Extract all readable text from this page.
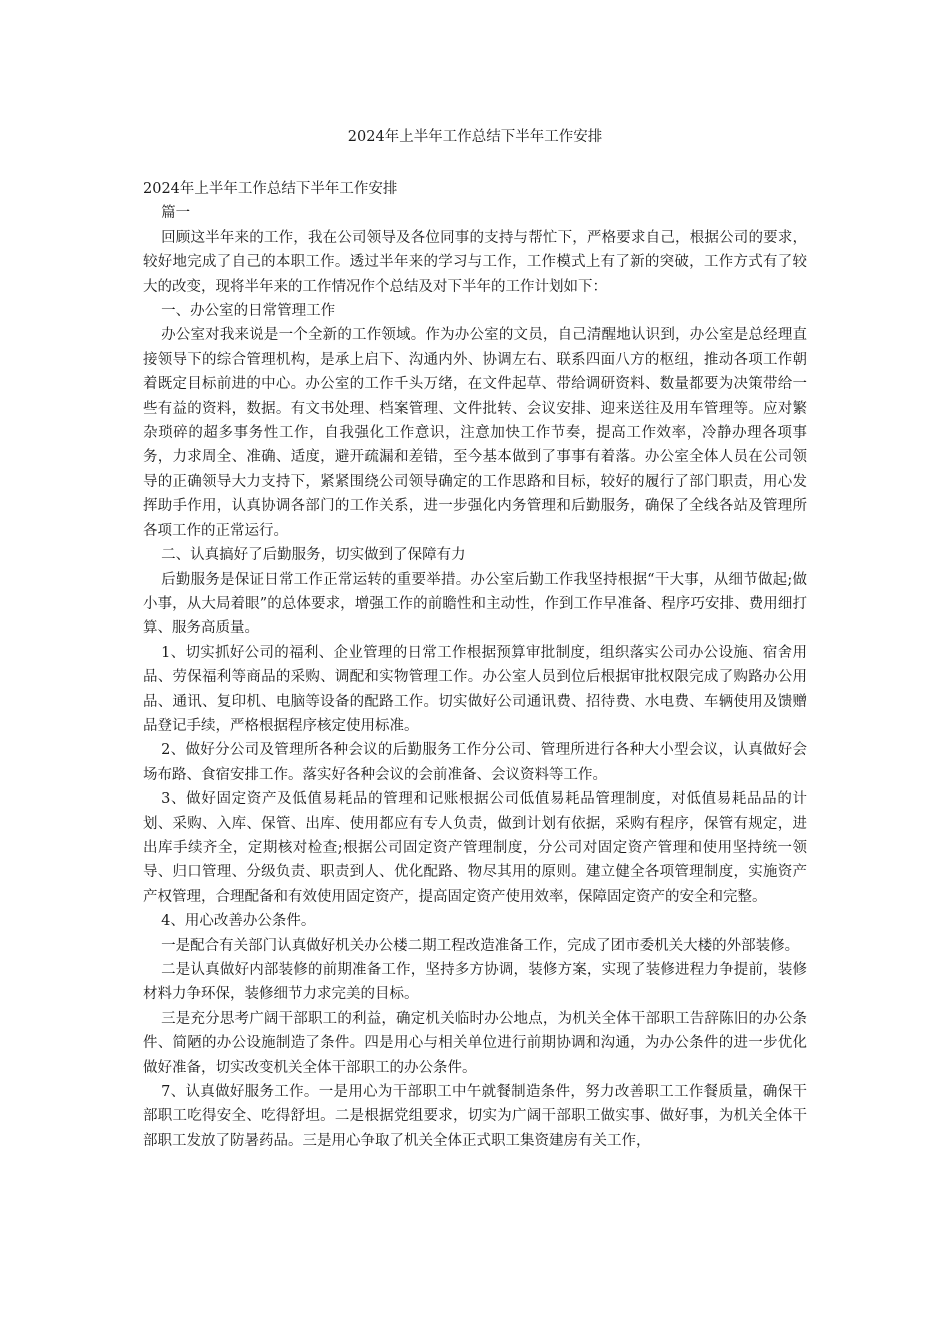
2024年上半年工作总结下半年工作安排

2024年上半年工作总结下半年工作安排

篇一

回顾这半年来的工作，我在公司领导及各位同事的支持与帮忙下，严格要求自己，根据公司的要求，较好地完成了自己的本职工作。透过半年来的学习与工作，工作模式上有了新的突破，工作方式有了较大的改变，现将半年来的工作情况作个总结及对下半年的工作计划如下：

一、办公室的日常管理工作

办公室对我来说是一个全新的工作领域。作为办公室的文员，自己清醒地认识到，办公室是总经理直接领导下的综合管理机构，是承上启下、沟通内外、协调左右、联系四面八方的枢纽，推动各项工作朝着既定目标前进的中心。办公室的工作千头万绪，在文件起草、带给调研资料、数量都要为决策带给一些有益的资料，数据。有文书处理、档案管理、文件批转、会议安排、迎来送往及用车管理等。应对繁杂琐碎的超多事务性工作，自我强化工作意识，注意加快工作节奏，提高工作效率，冷静办理各项事务，力求周全、准确、适度，避开疏漏和差错，至今基本做到了事事有着落。办公室全体人员在公司领导的正确领导大力支持下，紧紧围绕公司领导确定的工作思路和目标，较好的履行了部门职责，用心发挥助手作用，认真协调各部门的工作关系，进一步强化内务管理和后勤服务，确保了全线各站及管理所各项工作的正常运行。

二、认真搞好了后勤服务，切实做到了保障有力

后勤服务是保证日常工作正常运转的重要举措。办公室后勤工作我坚持根据“干大事，从细节做起;做小事，从大局着眼”的总体要求，增强工作的前瞻性和主动性，作到工作早准备、程序巧安排、费用细打算、服务高质量。

1、切实抓好公司的福利、企业管理的日常工作根据预算审批制度，组织落实公司办公设施、宿舍用品、劳保福利等商品的采购、调配和实物管理工作。办公室人员到位后根据审批权限完成了购路办公用品、通讯、复印机、电脑等设备的配路工作。切实做好公司通讯费、招待费、水电费、车辆使用及馈赠品登记手续，严格根据程序核定使用标准。

2、做好分公司及管理所各种会议的后勤服务工作分公司、管理所进行各种大小型会议，认真做好会场布路、食宿安排工作。落实好各种会议的会前准备、会议资料等工作。

3、做好固定资产及低值易耗品的管理和记账根据公司低值易耗品管理制度，对低值易耗品品的计划、采购、入库、保管、出库、使用都应有专人负责，做到计划有依据，采购有程序，保管有规定，进出库手续齐全，定期核对检查;根据公司固定资产管理制度，分公司对固定资产管理和使用坚持统一领导、归口管理、分级负责、职责到人、优化配路、物尽其用的原则。建立健全各项管理制度，实施资产产权管理，合理配备和有效使用固定资产，提高固定资产使用效率，保障固定资产的安全和完整。

4、用心改善办公条件。

一是配合有关部门认真做好机关办公楼二期工程改造准备工作，完成了团市委机关大楼的外部装修。

二是认真做好内部装修的前期准备工作，坚持多方协调，装修方案，实现了装修进程力争提前，装修材料力争环保，装修细节力求完美的目标。

三是充分思考广阔干部职工的利益，确定机关临时办公地点，为机关全体干部职工告辞陈旧的办公条件、简陋的办公设施制造了条件。四是用心与相关单位进行前期协调和沟通，为办公条件的进一步优化做好准备，切实改变机关全体干部职工的办公条件。

7、认真做好服务工作。一是用心为干部职工中午就餐制造条件，努力改善职工工作餐质量，确保干部职工吃得安全、吃得舒坦。二是根据党组要求，切实为广阔干部职工做实事、做好事，为机关全体干部职工发放了防暑药品。三是用心争取了机关全体正式职工集资建房有关工作，
